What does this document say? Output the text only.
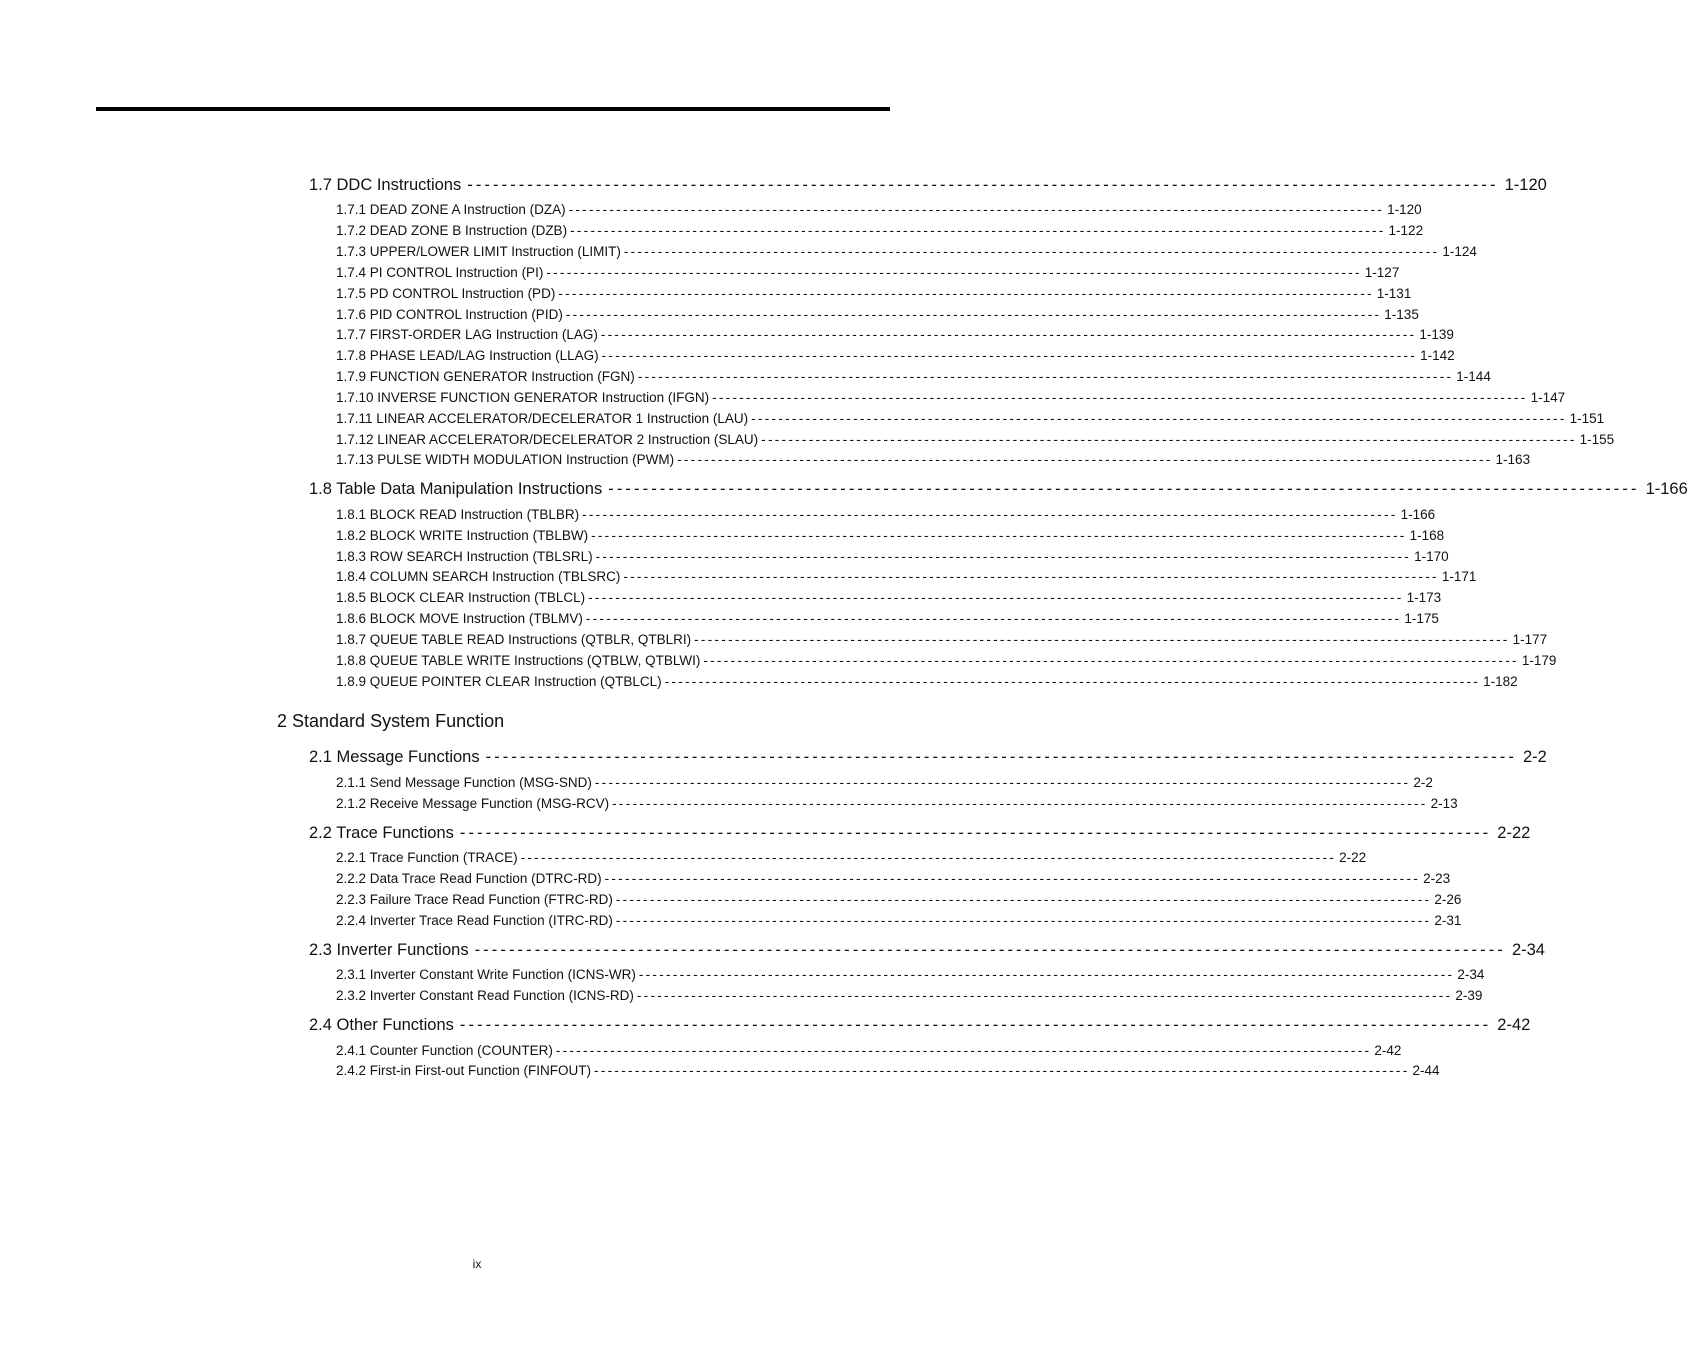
1.7 DDC Instructions ------------------------------------------------------------------------------------------------------------------------ 1-120
1.7.1 DEAD ZONE A Instruction (DZA) ------------------------------------------------------------------------------------------------------------------------ 1-120
1.7.2 DEAD ZONE B Instruction (DZB) ------------------------------------------------------------------------------------------------------------------------ 1-122
1.7.3 UPPER/LOWER LIMIT Instruction (LIMIT) ------------------------------------------------------------------------------------------------------------------------ 1-124
1.7.4 PI CONTROL Instruction (PI) ------------------------------------------------------------------------------------------------------------------------ 1-127
1.7.5 PD CONTROL Instruction (PD) ------------------------------------------------------------------------------------------------------------------------ 1-131
1.7.6 PID CONTROL Instruction (PID) ------------------------------------------------------------------------------------------------------------------------ 1-135
1.7.7 FIRST-ORDER LAG Instruction (LAG) ------------------------------------------------------------------------------------------------------------------------ 1-139
1.7.8 PHASE LEAD/LAG Instruction (LLAG) ------------------------------------------------------------------------------------------------------------------------ 1-142
1.7.9 FUNCTION GENERATOR Instruction (FGN) ------------------------------------------------------------------------------------------------------------------------ 1-144
1.7.10 INVERSE FUNCTION GENERATOR Instruction (IFGN) ------------------------------------------------------------------------------------------------------------------------ 1-147
1.7.11 LINEAR ACCELERATOR/DECELERATOR 1 Instruction (LAU) ------------------------------------------------------------------------------------------------------------------------ 1-151
1.7.12 LINEAR ACCELERATOR/DECELERATOR 2 Instruction (SLAU) ------------------------------------------------------------------------------------------------------------------------ 1-155
1.7.13 PULSE WIDTH MODULATION Instruction (PWM) ------------------------------------------------------------------------------------------------------------------------ 1-163
1.8 Table Data Manipulation Instructions ------------------------------------------------------------------------------------------------------------------------ 1-166
1.8.1 BLOCK READ Instruction (TBLBR) ------------------------------------------------------------------------------------------------------------------------ 1-166
1.8.2 BLOCK WRITE Instruction (TBLBW) ------------------------------------------------------------------------------------------------------------------------ 1-168
1.8.3 ROW SEARCH Instruction (TBLSRL) ------------------------------------------------------------------------------------------------------------------------ 1-170
1.8.4 COLUMN SEARCH Instruction (TBLSRC) ------------------------------------------------------------------------------------------------------------------------ 1-171
1.8.5 BLOCK CLEAR Instruction (TBLCL) ------------------------------------------------------------------------------------------------------------------------ 1-173
1.8.6 BLOCK MOVE Instruction (TBLMV) ------------------------------------------------------------------------------------------------------------------------ 1-175
1.8.7 QUEUE TABLE READ Instructions (QTBLR, QTBLRI) ------------------------------------------------------------------------------------------------------------------------ 1-177
1.8.8 QUEUE TABLE WRITE Instructions (QTBLW, QTBLWI) ------------------------------------------------------------------------------------------------------------------------ 1-179
1.8.9 QUEUE POINTER CLEAR Instruction (QTBLCL) ------------------------------------------------------------------------------------------------------------------------ 1-182
2 Standard System Function
2.1 Message Functions ------------------------------------------------------------------------------------------------------------------------ 2-2
2.1.1 Send Message Function (MSG-SND) ------------------------------------------------------------------------------------------------------------------------ 2-2
2.1.2 Receive Message Function (MSG-RCV) ------------------------------------------------------------------------------------------------------------------------ 2-13
2.2 Trace Functions ------------------------------------------------------------------------------------------------------------------------ 2-22
2.2.1 Trace Function (TRACE) ------------------------------------------------------------------------------------------------------------------------ 2-22
2.2.2 Data Trace Read Function (DTRC-RD) ------------------------------------------------------------------------------------------------------------------------ 2-23
2.2.3 Failure Trace Read Function (FTRC-RD) ------------------------------------------------------------------------------------------------------------------------ 2-26
2.2.4 Inverter Trace Read Function (ITRC-RD) ------------------------------------------------------------------------------------------------------------------------ 2-31
2.3 Inverter Functions ------------------------------------------------------------------------------------------------------------------------ 2-34
2.3.1 Inverter Constant Write Function (ICNS-WR) ------------------------------------------------------------------------------------------------------------------------ 2-34
2.3.2 Inverter Constant Read Function (ICNS-RD) ------------------------------------------------------------------------------------------------------------------------ 2-39
2.4 Other Functions ------------------------------------------------------------------------------------------------------------------------ 2-42
2.4.1 Counter Function (COUNTER) ------------------------------------------------------------------------------------------------------------------------ 2-42
2.4.2 First-in First-out Function (FINFOUT) ------------------------------------------------------------------------------------------------------------------------ 2-44
ix
